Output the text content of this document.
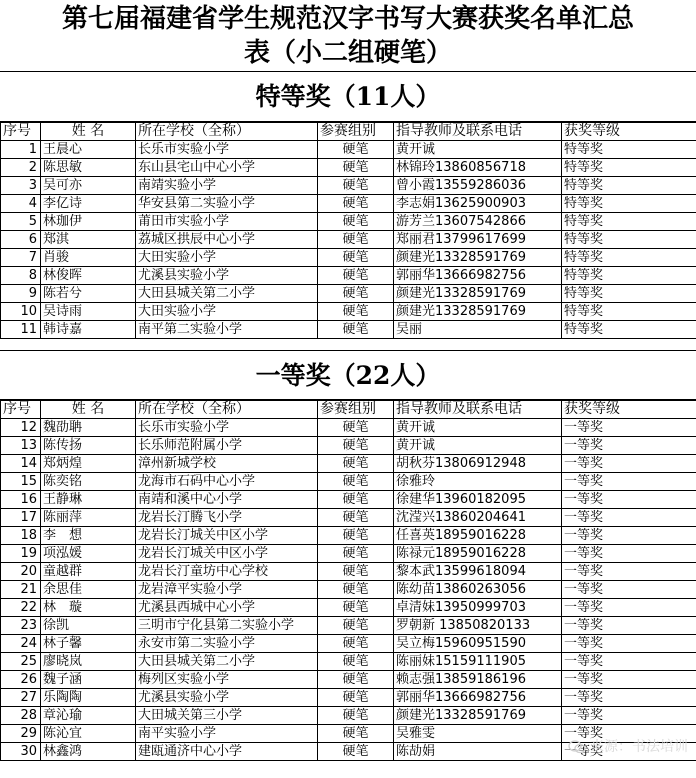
第七届福建省学生规范汉字书写大赛获奖名单汇总
表（小二组硬笔）
特等奖（11人）
序号	姓 名	所在学校（全称）	参赛组别	指导教师及联系电话	获奖等级
1	王晨心	长乐市实验小学	硬笔	黄开诚	特等奖
2	陈思敏	东山县宅山中心小学	硬笔	林锦玲13860856718	特等奖
3	吴可亦	南靖实验小学	硬笔	曾小霞13559286036	特等奖
4	李亿诗	华安县第二实验小学	硬笔	李志娟13625900903	特等奖
5	林珈伊	莆田市实验小学	硬笔	游芳兰13607542866	特等奖
6	郑淇	荔城区拱辰中心小学	硬笔	郑丽君13799617699	特等奖
7	肖骏	大田实验小学	硬笔	颜建光13328591769	特等奖
8	林俊晖	尤溪县实验小学	硬笔	郭丽华13666982756	特等奖
9	陈若兮	大田县城关第二小学	硬笔	颜建光13328591769	特等奖
10	吴诗雨	大田实验小学	硬笔	颜建光13328591769	特等奖
11	韩诗嘉	南平第二实验小学	硬笔	吴丽	特等奖
一等奖（22人）
序号	姓 名	所在学校（全称）	参赛组别	指导教师及联系电话	获奖等级
12	魏劭聃	长乐市实验小学	硬笔	黄开诚	一等奖
13	陈传扬	长乐师范附属小学	硬笔	黄开诚	一等奖
14	郑炳煌	漳州新城学校	硬笔	胡秋芬13806912948	一等奖
15	陈奕铭	龙海市石码中心小学	硬笔	徐雅玲	一等奖
16	王静琳	南靖和溪中心小学	硬笔	徐建华13960182095	一等奖
17	陈丽萍	龙岩长汀腾飞小学	硬笔	沈滢兴13860204641	一等奖
18	李　想	龙岩长汀城关中区小学	硬笔	任喜英18959016228	一等奖
19	项泓媛	龙岩长汀城关中区小学	硬笔	陈禄元18959016228	一等奖
20	童越群	龙岩长汀童坊中心学校	硬笔	黎本武13599618094	一等奖
21	余思佳	龙岩漳平实验小学	硬笔	陈幼苗13860263056	一等奖
22	林　璇	尤溪县西城中心小学	硬笔	卓清妹13950999703	一等奖
23	徐凯	三明市宁化县第二实验小学	硬笔	罗朝新 13850820133	一等奖
24	林子馨	永安市第二实验小学	硬笔	吴立梅15960951590	一等奖
25	廖晓岚	大田县城关第二小学	硬笔	陈丽妹15159111905	一等奖
26	魏子涵	梅列区实验小学	硬笔	赖志强13859186196	一等奖
27	乐陶陶	尤溪县实验小学	硬笔	郭丽华13666982756	一等奖
28	章沁瑜	大田城关第三小学	硬笔	颜建光13328591769	一等奖
29	陈沁宜	南平实验小学	硬笔	吴雅雯	一等奖
30	林鑫鸿	建瓯通济中心小学	硬笔	陈劼娟	一等奖
来源：书法培训
